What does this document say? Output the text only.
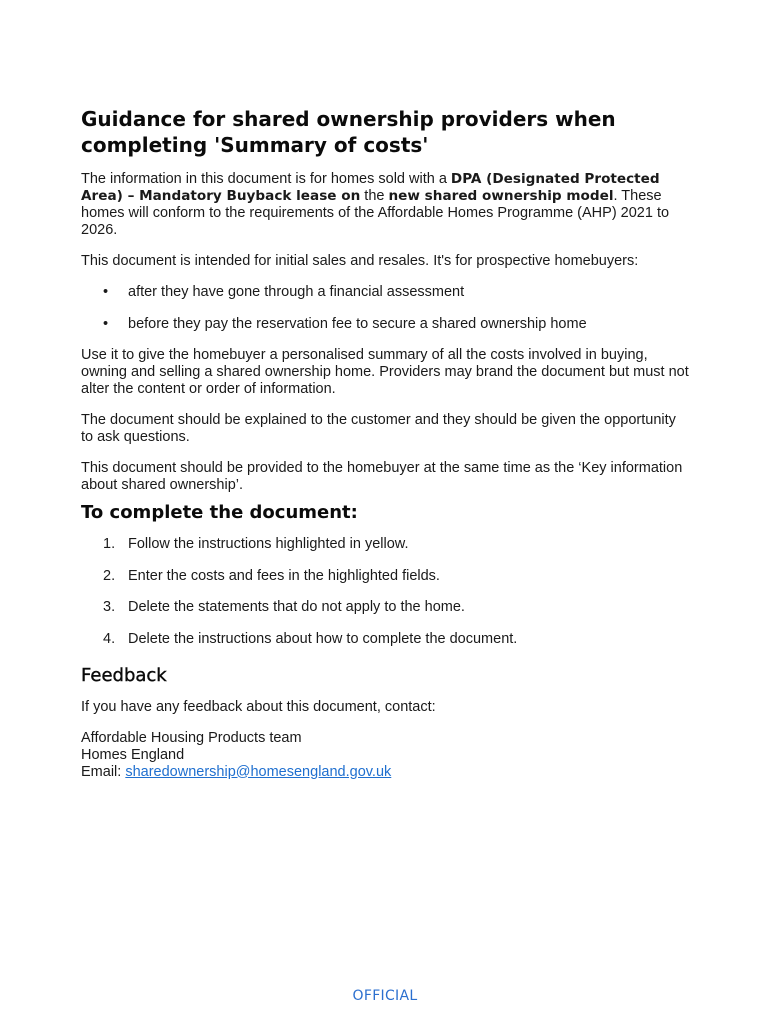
Guidance for shared ownership providers when completing 'Summary of costs'

The information in this document is for homes sold with a DPA (Designated Protected Area) – Mandatory Buyback lease on the new shared ownership model. These homes will conform to the requirements of the Affordable Homes Programme (AHP) 2021 to 2026.

This document is intended for initial sales and resales. It's for prospective homebuyers:

• after they have gone through a financial assessment
• before they pay the reservation fee to secure a shared ownership home

Use it to give the homebuyer a personalised summary of all the costs involved in buying, owning and selling a shared ownership home. Providers may brand the document but must not alter the content or order of information.

The document should be explained to the customer and they should be given the opportunity to ask questions.

This document should be provided to the homebuyer at the same time as the ‘Key information about shared ownership’.

To complete the document:
1. Follow the instructions highlighted in yellow.
2. Enter the costs and fees in the highlighted fields.
3. Delete the statements that do not apply to the home.
4. Delete the instructions about how to complete the document.
Feedback

If you have any feedback about this document, contact:

Affordable Housing Products team
Homes England
Email: sharedownership@homesengland.gov.uk

OFFICIAL
